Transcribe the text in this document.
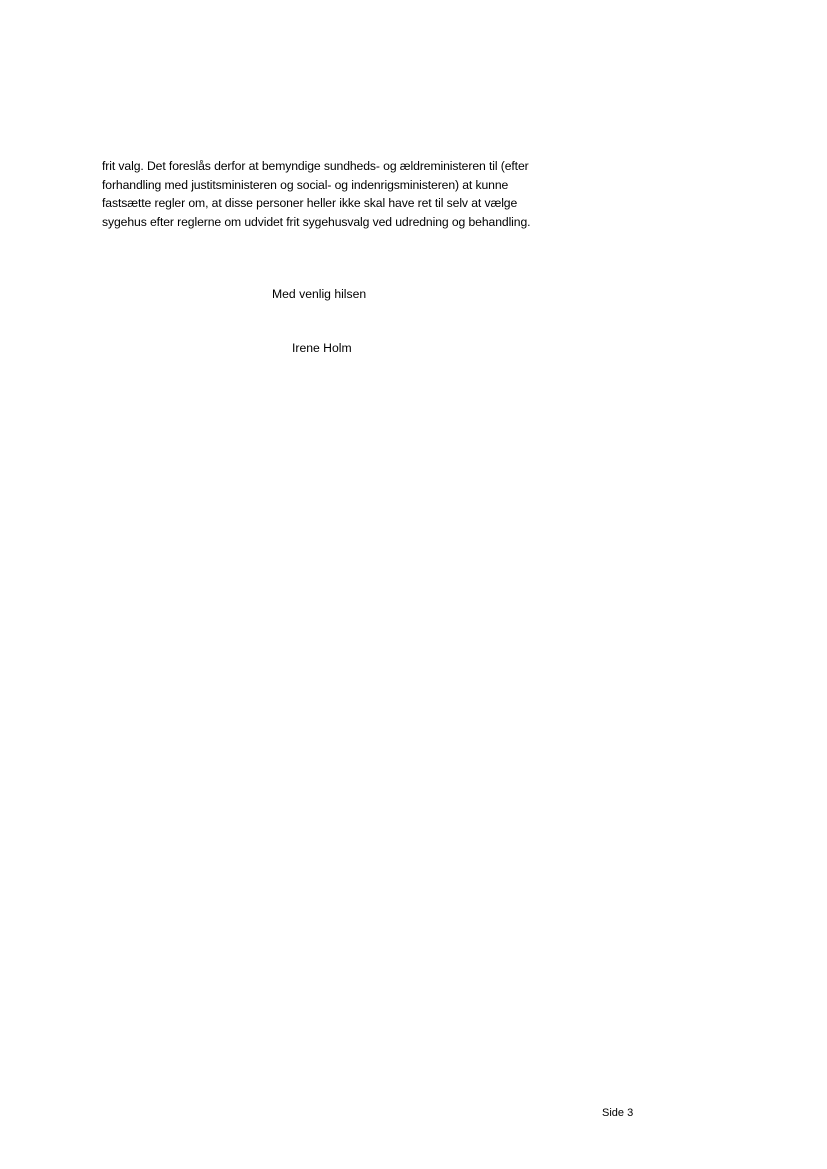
frit valg. Det foreslås derfor at bemyndige sundheds- og ældreministeren til (efter
forhandling med justitsministeren og social- og indenrigsministeren) at kunne
fastsætte regler om, at disse personer heller ikke skal have ret til selv at vælge
sygehus efter reglerne om udvidet frit sygehusvalg ved udredning og behandling.
Med venlig hilsen
Irene Holm
Side 3
